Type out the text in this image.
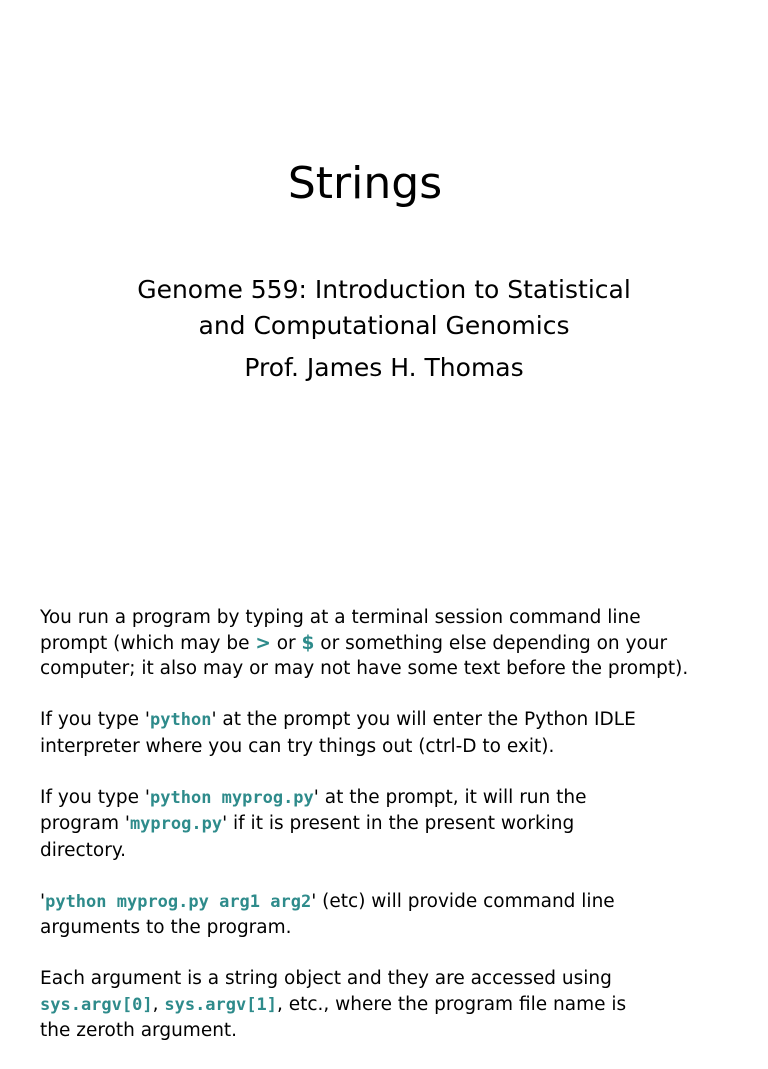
Strings
Genome 559: Introduction to Statistical
and Computational Genomics
Prof. James H. Thomas
You run a program by typing at a terminal session command line
prompt (which may be > or $ or something else depending on your
computer; it also may or may not have some text before the prompt).
If you type 'python' at the prompt you will enter the Python IDLE
interpreter where you can try things out (ctrl-D to exit).
If you type 'python myprog.py' at the prompt, it will run the
program 'myprog.py' if it is present in the present working
directory.
'python myprog.py arg1 arg2' (etc) will provide command line
arguments to the program.
Each argument is a string object and they are accessed using
sys.argv[0], sys.argv[1], etc., where the program file name is
the zeroth argument.
